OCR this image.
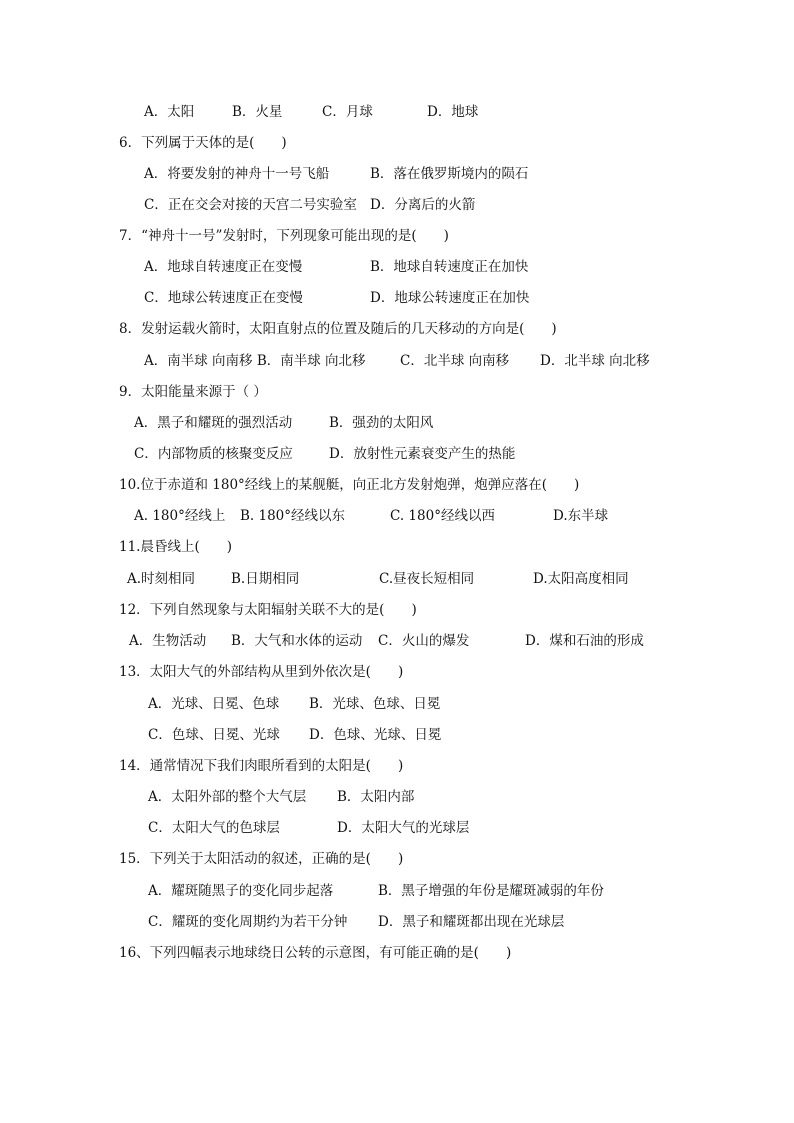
A．太阳	B．火星	C．月球	D．地球
6．下列属于天体的是(　　)
A．将要发射的神舟十一号飞船	B．落在俄罗斯境内的陨石
C．正在交会对接的天宫二号实验室 D．分离后的火箭
7．“神舟十一号”发射时，下列现象可能出现的是(　　)
A．地球自转速度正在变慢	B．地球自转速度正在加快
C．地球公转速度正在变慢	D．地球公转速度正在加快
8．发射运载火箭时，太阳直射点的位置及随后的几天移动的方向是(　　)
A．南半球 向南移 B．南半球 向北移	C．北半球 向南移 D．北半球 向北移
9．太阳能量来源于（ ）
A．黑子和耀斑的强烈活动	B．强劲的太阳风
C．内部物质的核聚变反应	D．放射性元素衰变产生的热能
10.位于赤道和 180°经线上的某舰艇，向正北方发射炮弹，炮弹应落在(　　)
A. 180°经线上 B. 180°经线以东	C. 180°经线以西	D.东半球
11.晨昏线上(　　)
A.时刻相同	B.日期相同	C.昼夜长短相同	D.太阳高度相同
12．下列自然现象与太阳辐射关联不大的是(　　)
A．生物活动 B．大气和水体的运动 C．火山的爆发	D．煤和石油的形成
13．太阳大气的外部结构从里到外依次是(　　)
A．光球、日冕、色球 B．光球、色球、日冕
C．色球、日冕、光球 D．色球、光球、日冕
14．通常情况下我们肉眼所看到的太阳是(　　)
A．太阳外部的整个大气层 B．太阳内部
C．太阳大气的色球层	D．太阳大气的光球层
15．下列关于太阳活动的叙述，正确的是(　　)
A．耀斑随黑子的变化同步起落	B．黑子增强的年份是耀斑减弱的年份
C．耀斑的变化周期约为若干分钟 D．黑子和耀斑都出现在光球层
16、下列四幅表示地球绕日公转的示意图，有可能正确的是(　　)
